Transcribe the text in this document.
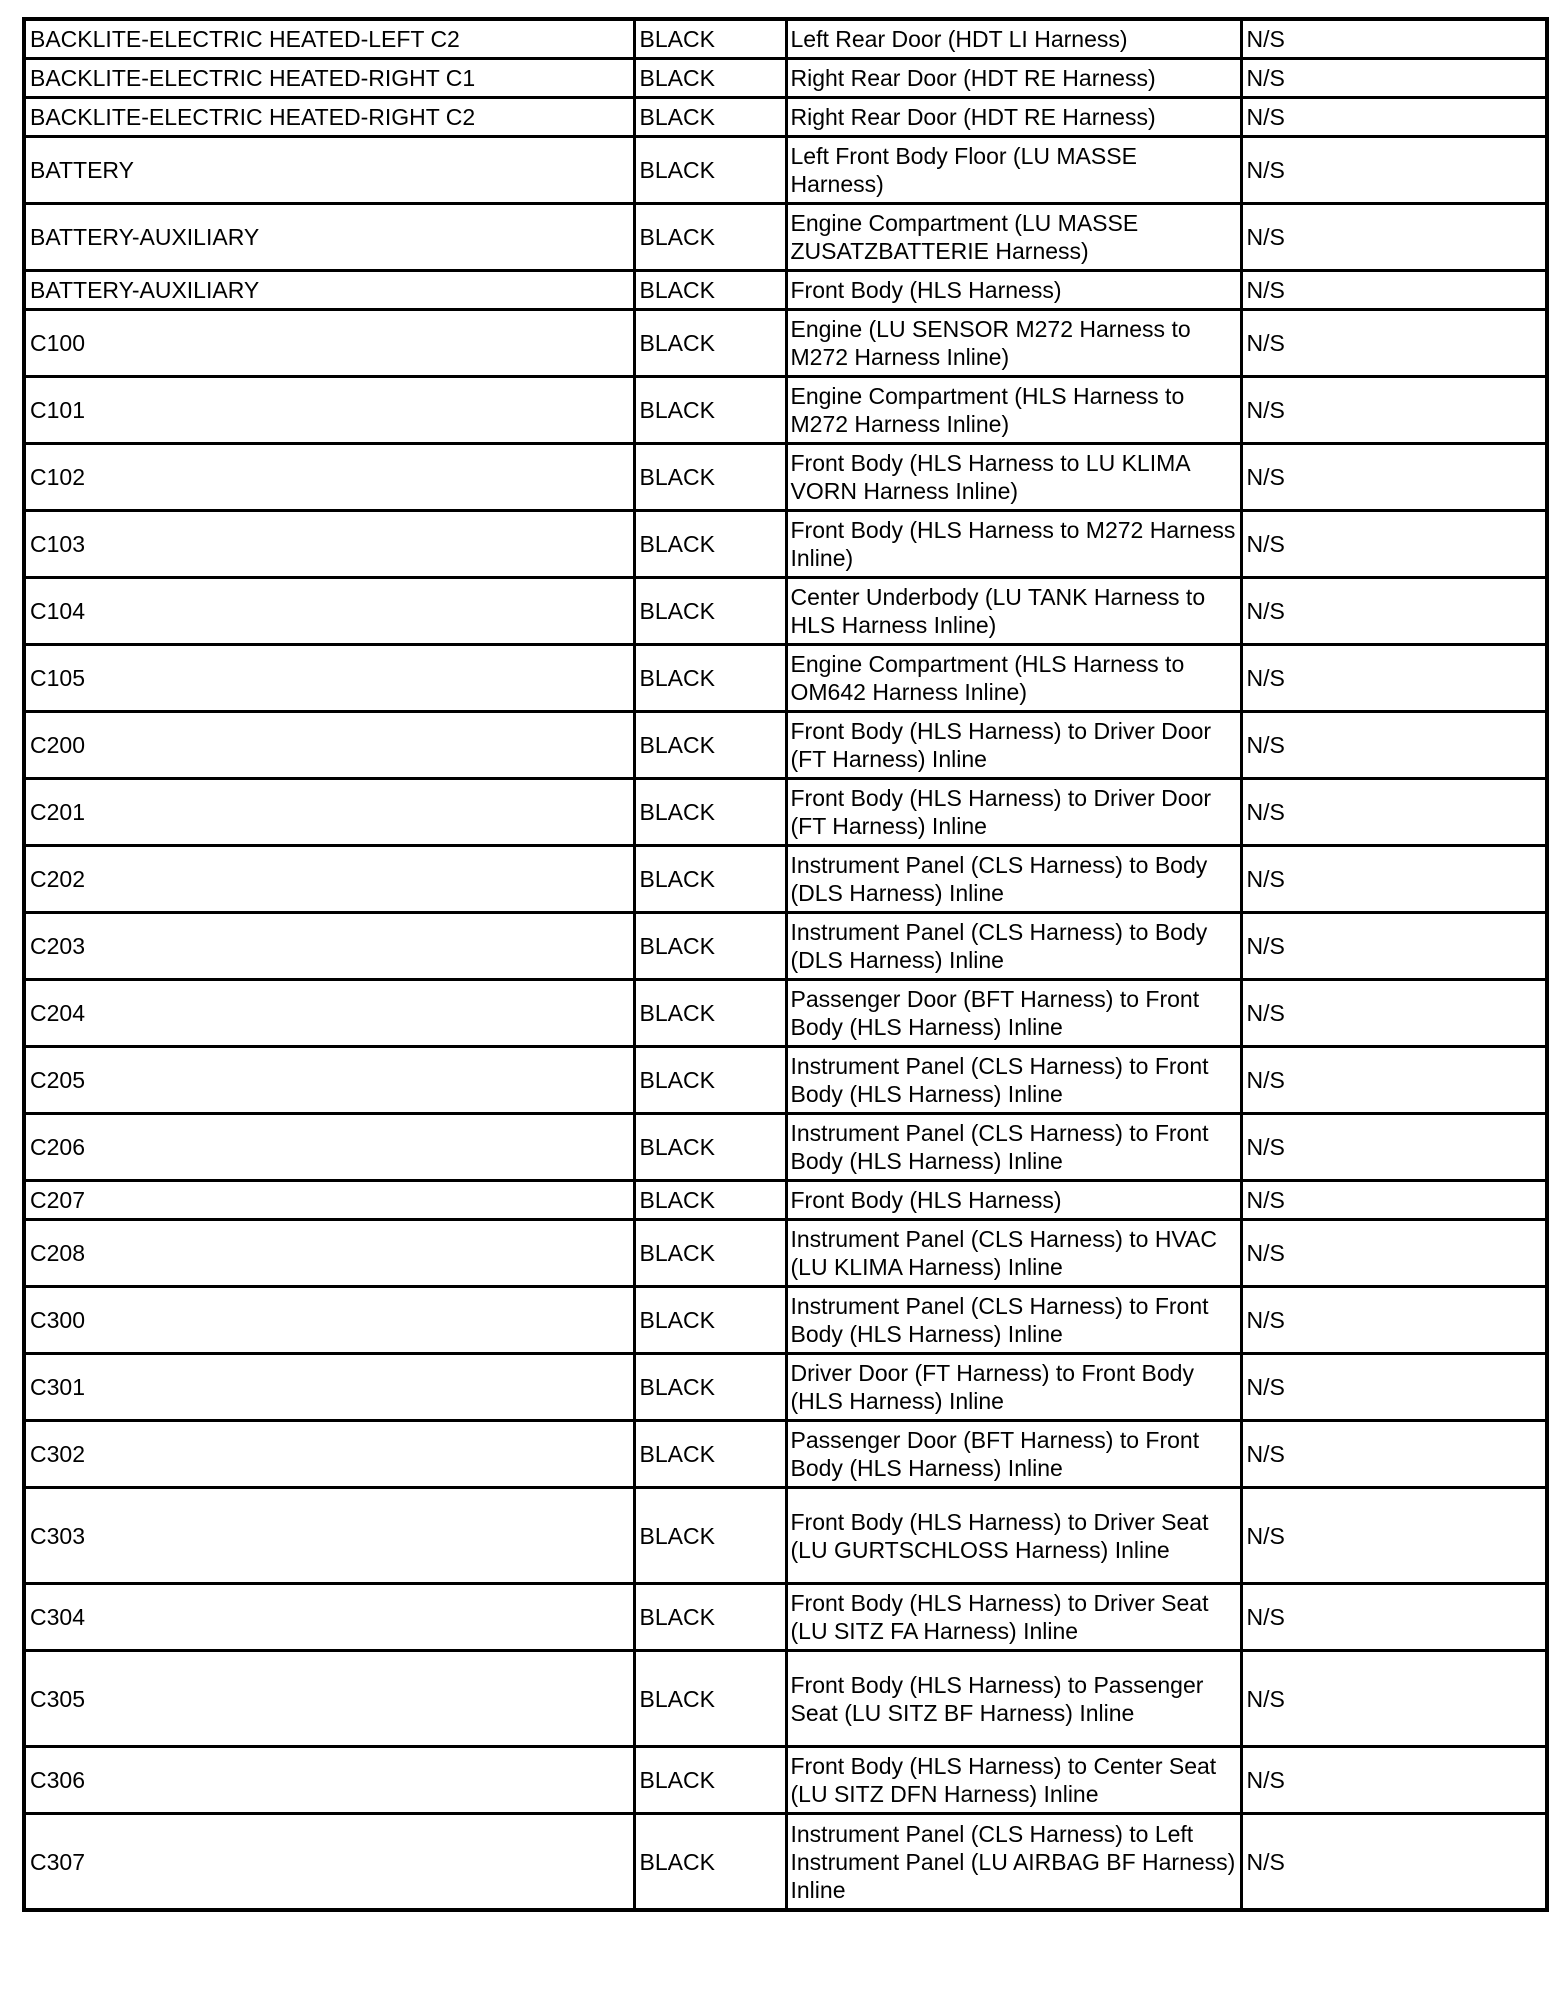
BACKLITE-ELECTRIC HEATED-LEFT C2	BLACK	Left Rear Door (HDT LI Harness)	N/S
BACKLITE-ELECTRIC HEATED-RIGHT C1	BLACK	Right Rear Door (HDT RE Harness)	N/S
BACKLITE-ELECTRIC HEATED-RIGHT C2	BLACK	Right Rear Door (HDT RE Harness)	N/S
BATTERY	BLACK	Left Front Body Floor (LU MASSE Harness)	N/S
BATTERY-AUXILIARY	BLACK	Engine Compartment (LU MASSE ZUSATZBATTERIE Harness)	N/S
BATTERY-AUXILIARY	BLACK	Front Body (HLS Harness)	N/S
C100	BLACK	Engine (LU SENSOR M272 Harness to M272 Harness Inline)	N/S
C101	BLACK	Engine Compartment (HLS Harness to M272 Harness Inline)	N/S
C102	BLACK	Front Body (HLS Harness to LU KLIMA VORN Harness Inline)	N/S
C103	BLACK	Front Body (HLS Harness to M272 Harness Inline)	N/S
C104	BLACK	Center Underbody (LU TANK Harness to HLS Harness Inline)	N/S
C105	BLACK	Engine Compartment (HLS Harness to OM642 Harness Inline)	N/S
C200	BLACK	Front Body (HLS Harness) to Driver Door (FT Harness) Inline	N/S
C201	BLACK	Front Body (HLS Harness) to Driver Door (FT Harness) Inline	N/S
C202	BLACK	Instrument Panel (CLS Harness) to Body (DLS Harness) Inline	N/S
C203	BLACK	Instrument Panel (CLS Harness) to Body (DLS Harness) Inline	N/S
C204	BLACK	Passenger Door (BFT Harness) to Front Body (HLS Harness) Inline	N/S
C205	BLACK	Instrument Panel (CLS Harness) to Front Body (HLS Harness) Inline	N/S
C206	BLACK	Instrument Panel (CLS Harness) to Front Body (HLS Harness) Inline	N/S
C207	BLACK	Front Body (HLS Harness)	N/S
C208	BLACK	Instrument Panel (CLS Harness) to HVAC (LU KLIMA Harness) Inline	N/S
C300	BLACK	Instrument Panel (CLS Harness) to Front Body (HLS Harness) Inline	N/S
C301	BLACK	Driver Door (FT Harness) to Front Body (HLS Harness) Inline	N/S
C302	BLACK	Passenger Door (BFT Harness) to Front Body (HLS Harness) Inline	N/S
C303	BLACK	Front Body (HLS Harness) to Driver Seat (LU GURTSCHLOSS Harness) Inline	N/S
C304	BLACK	Front Body (HLS Harness) to Driver Seat (LU SITZ FA Harness) Inline	N/S
C305	BLACK	Front Body (HLS Harness) to Passenger Seat (LU SITZ BF Harness) Inline	N/S
C306	BLACK	Front Body (HLS Harness) to Center Seat (LU SITZ DFN Harness) Inline	N/S
C307	BLACK	Instrument Panel (CLS Harness) to Left Instrument Panel (LU AIRBAG BF Harness) Inline	N/S
